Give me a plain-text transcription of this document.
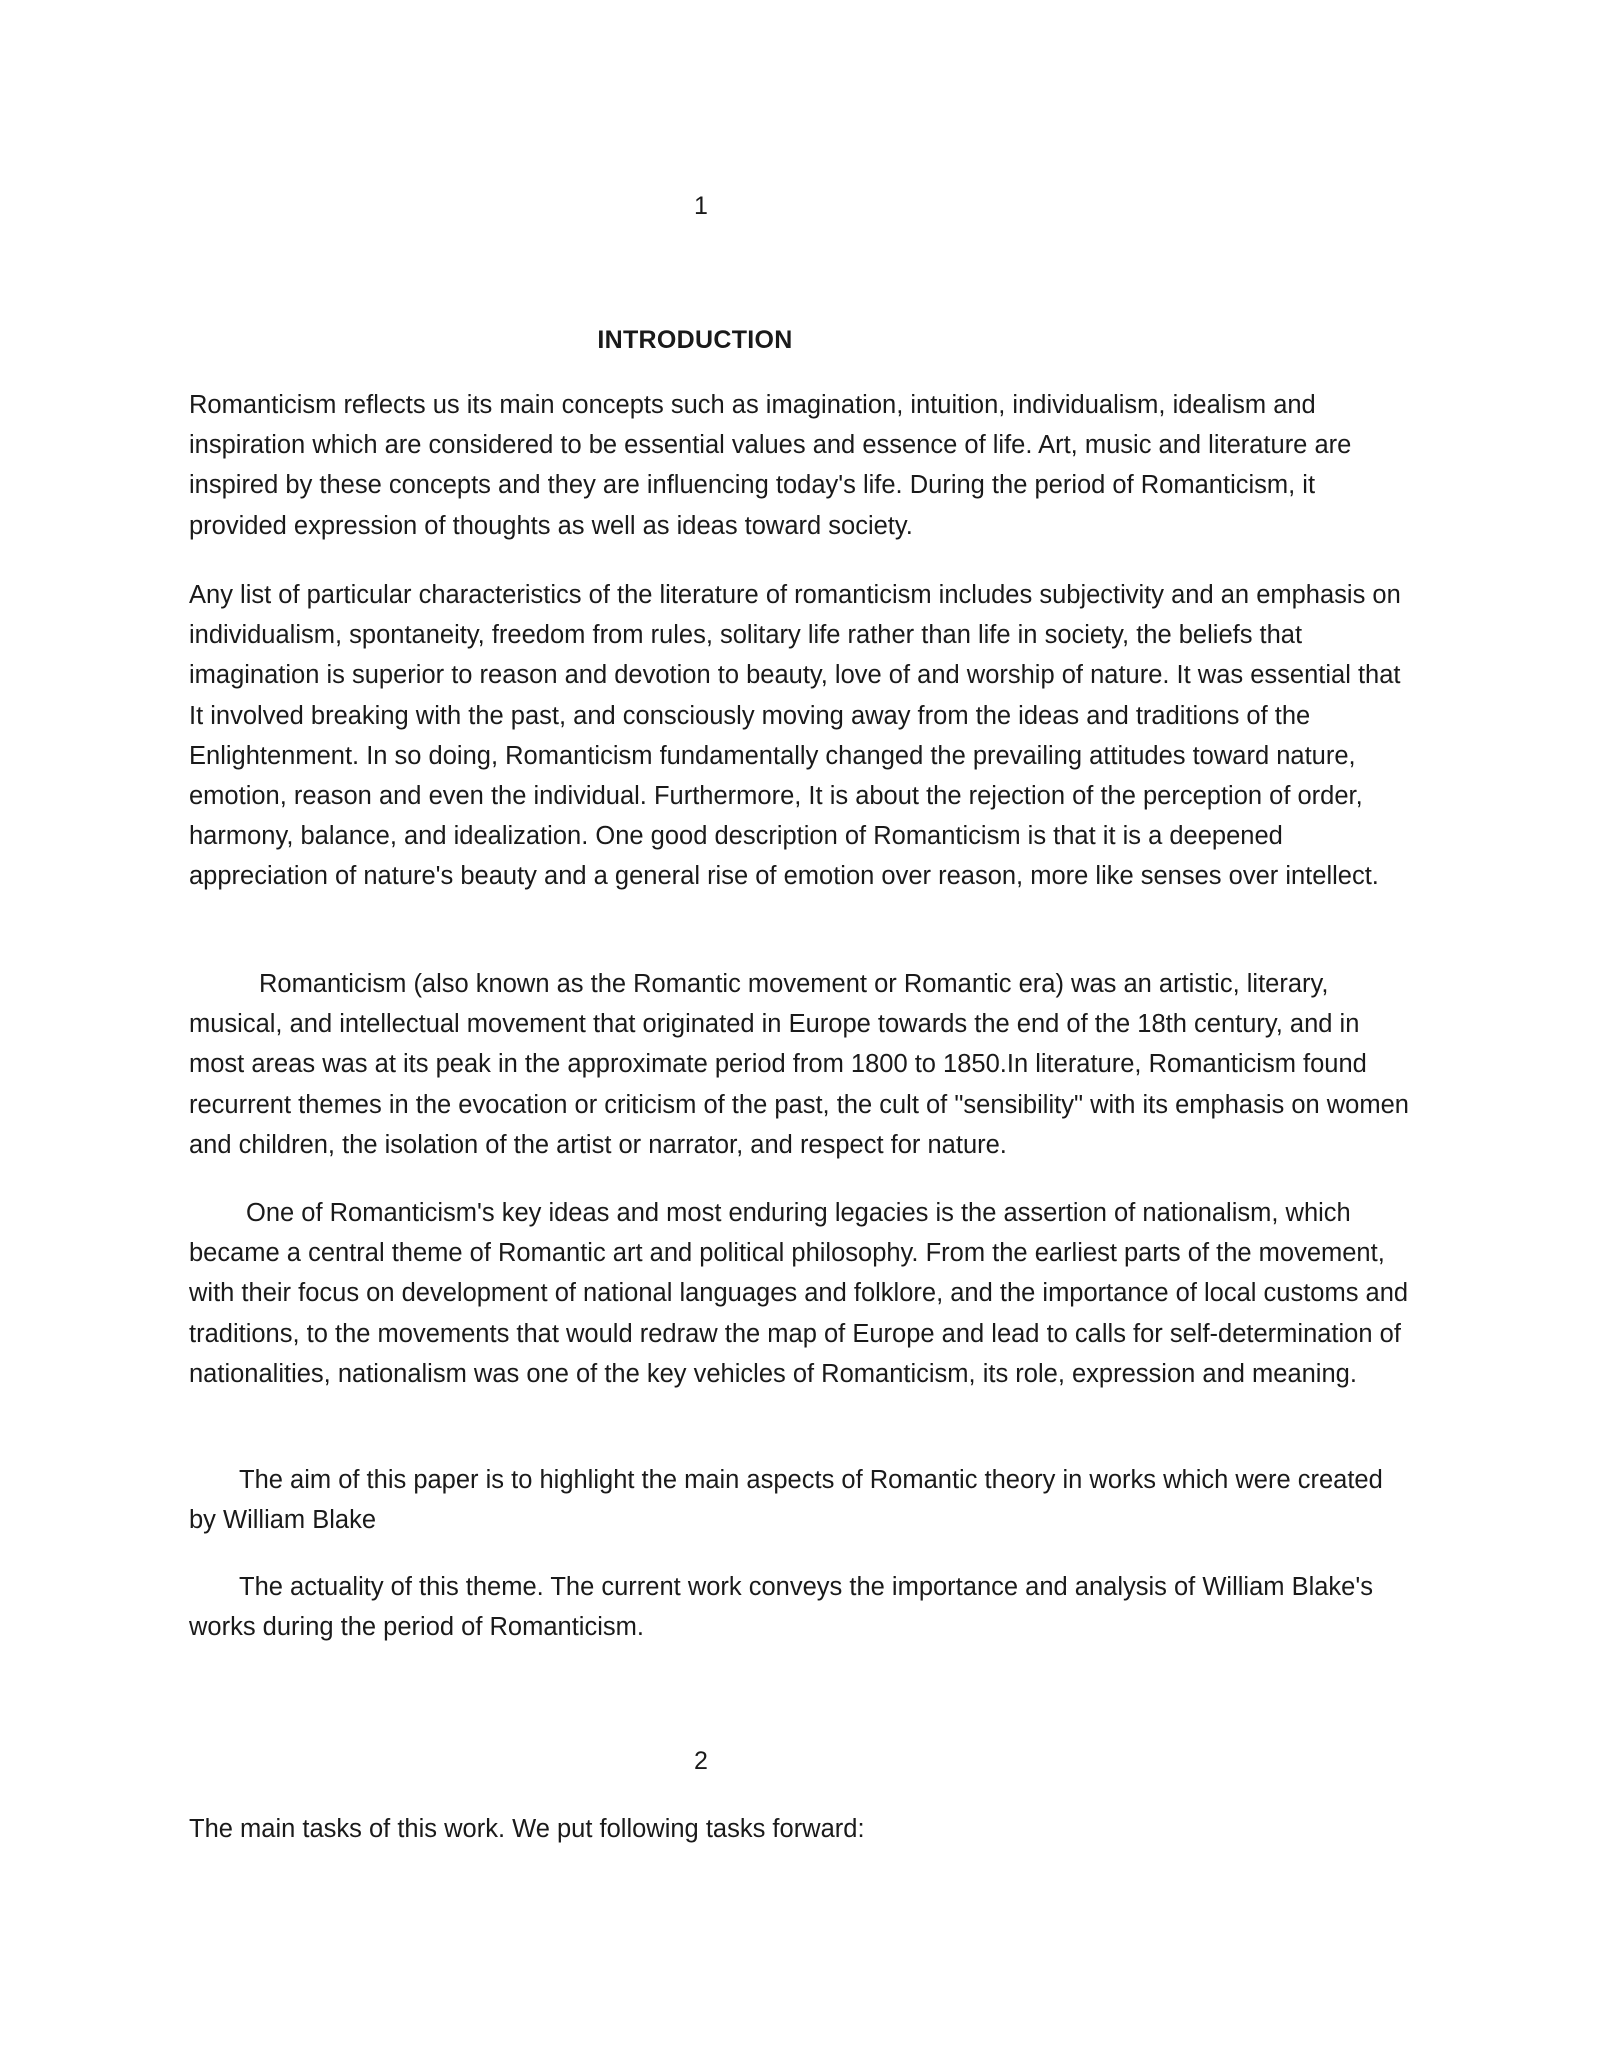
1

INTRODUCTION

Romanticism reflects us its main concepts such as imagination, intuition, individualism, idealism and inspiration which are considered to be essential values and essence of life. Art, music and literature are inspired by these concepts and they are influencing today's life. During the period of Romanticism, it provided expression of thoughts as well as ideas toward society.

Any list of particular characteristics of the literature of romanticism includes subjectivity and an emphasis on individualism, spontaneity, freedom from rules, solitary life rather than life in society, the beliefs that imagination is superior to reason and devotion to beauty, love of and worship of nature. It was essential that It involved breaking with the past, and consciously moving away from the ideas and traditions of the Enlightenment. In so doing, Romanticism fundamentally changed the prevailing attitudes toward nature, emotion, reason and even the individual. Furthermore, It is about the rejection of the perception of order, harmony, balance, and idealization. One good description of Romanticism is that it is a deepened appreciation of nature's beauty and a general rise of emotion over reason, more like senses over intellect.

Romanticism (also known as the Romantic movement or Romantic era) was an artistic, literary, musical, and intellectual movement that originated in Europe towards the end of the 18th century, and in most areas was at its peak in the approximate period from 1800 to 1850.In literature, Romanticism found recurrent themes in the evocation or criticism of the past, the cult of "sensibility" with its emphasis on women and children, the isolation of the artist or narrator, and respect for nature.

One of Romanticism's key ideas and most enduring legacies is the assertion of nationalism, which became a central theme of Romantic art and political philosophy. From the earliest parts of the movement, with their focus on development of national languages and folklore, and the importance of local customs and traditions, to the movements that would redraw the map of Europe and lead to calls for self-determination of nationalities, nationalism was one of the key vehicles of Romanticism, its role, expression and meaning.

The aim of this paper is to highlight the main aspects of Romantic theory in works which were created by William Blake

The actuality of this theme. The current work conveys the importance and analysis of William Blake's works during the period of Romanticism.

2

The main tasks of this work. We put following tasks forward:
